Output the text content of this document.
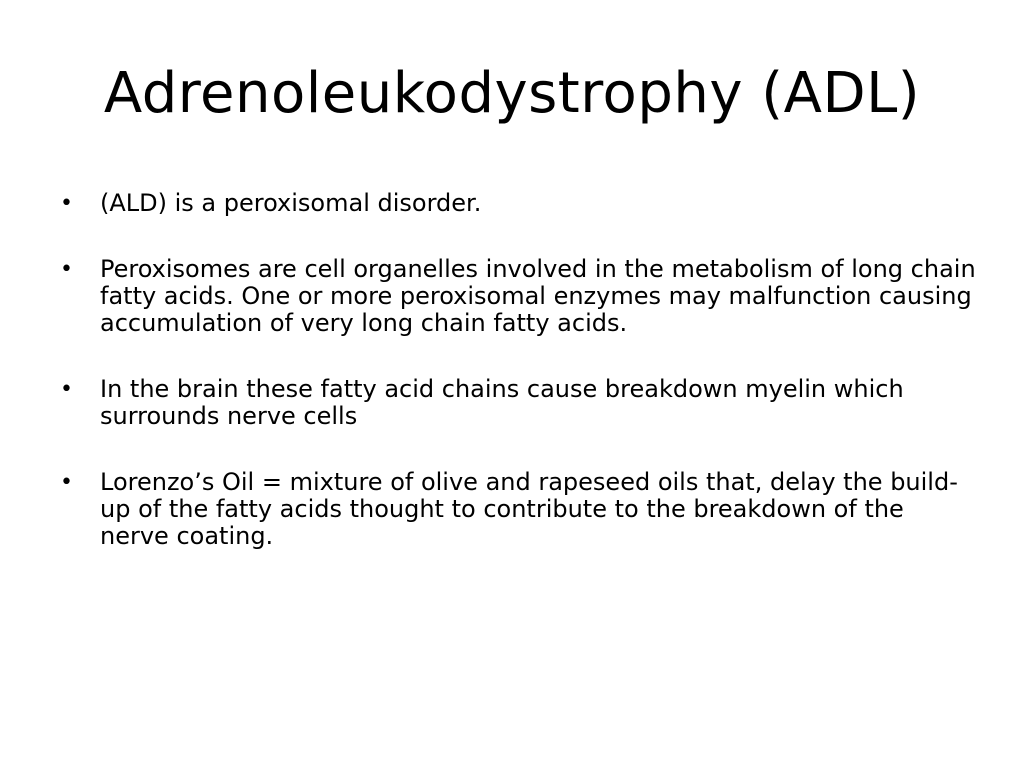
Adrenoleukodystrophy (ADL)
• (ALD) is a peroxisomal disorder.
• Peroxisomes are cell organelles involved in the metabolism of long chain fatty acids. One or more peroxisomal enzymes may malfunction causing accumulation of very long chain fatty acids.
• In the brain these fatty acid chains cause breakdown myelin which surrounds nerve cells
• Lorenzo’s Oil = mixture of olive and rapeseed oils that, delay the build-up of the fatty acids thought to contribute to the breakdown of the nerve coating.
